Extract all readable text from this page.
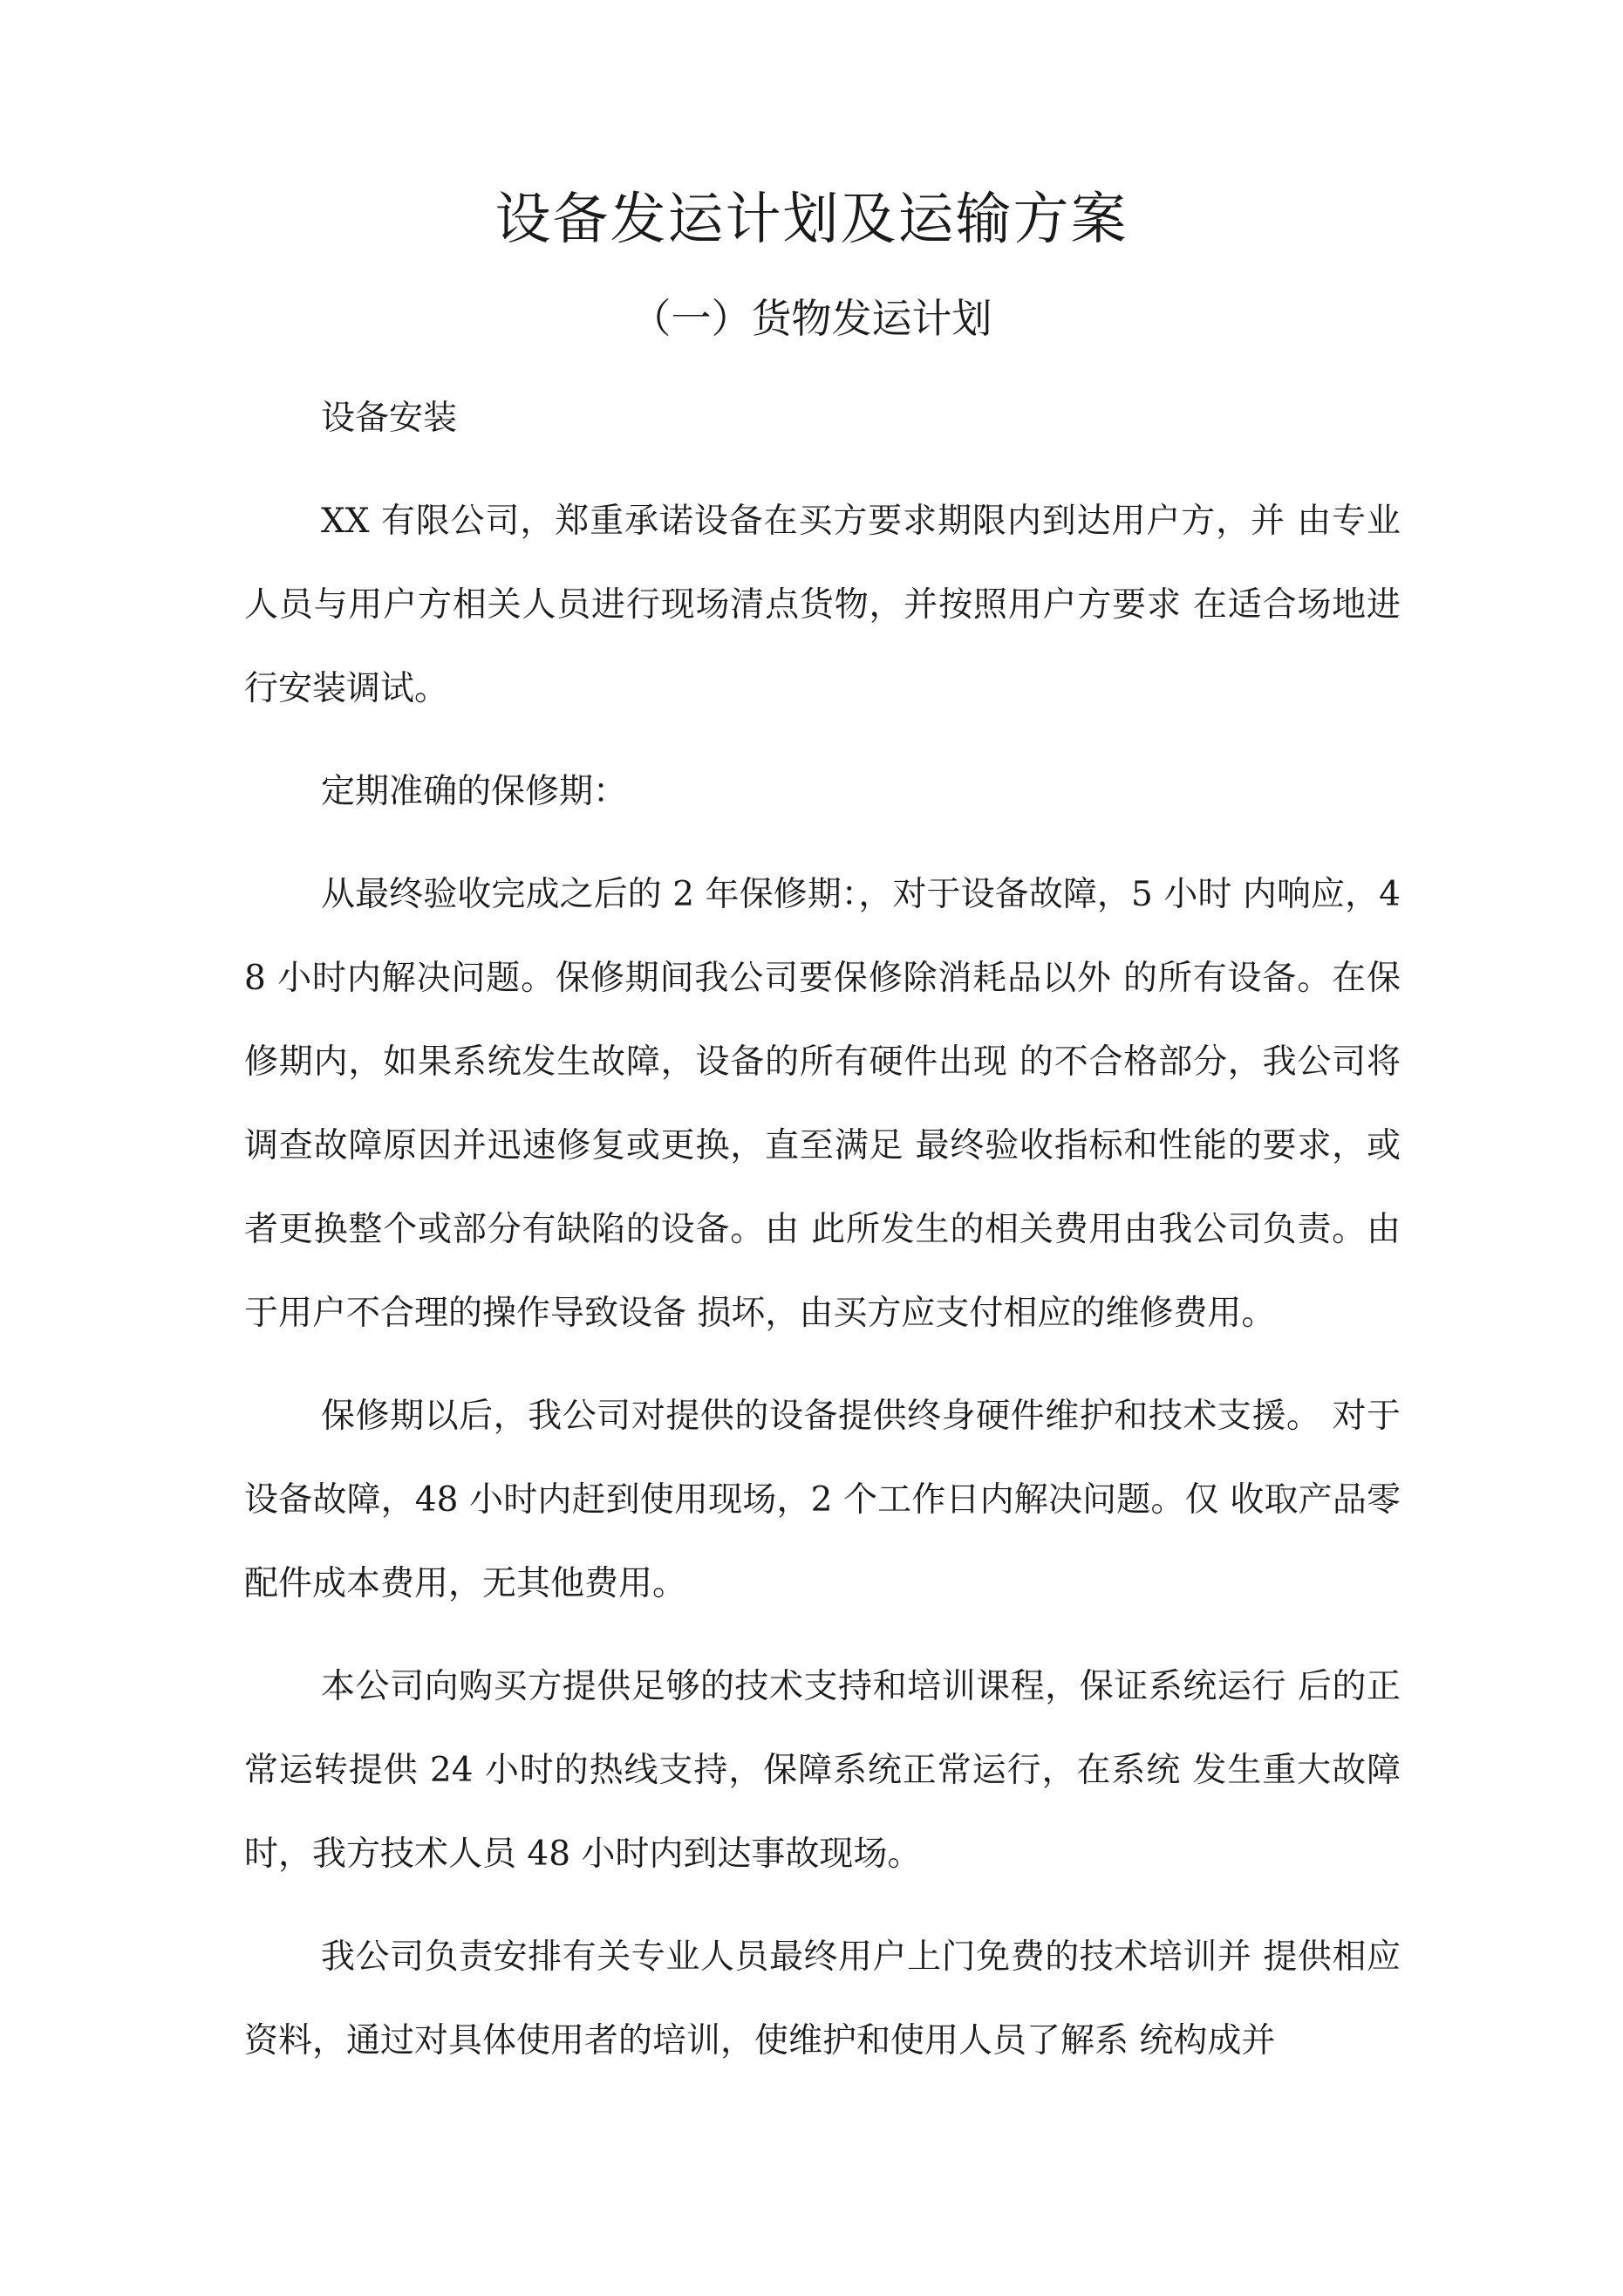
设备发运计划及运输方案
（一）货物发运计划

设备安装

XX 有限公司，郑重承诺设备在买方要求期限内到达用户方，并 由专业人员与用户方相关人员进行现场清点货物，并按照用户方要求 在适合场地进行安装调试。

定期准确的保修期：

从最终验收完成之后的 2 年保修期：，对于设备故障，5 小时 内响应，48 小时内解决问题。保修期间我公司要保修除消耗品以外 的所有设备。在保修期内，如果系统发生故障，设备的所有硬件出现 的不合格部分，我公司将调查故障原因并迅速修复或更换，直至满足 最终验收指标和性能的要求，或者更换整个或部分有缺陷的设备。由 此所发生的相关费用由我公司负责。由于用户不合理的操作导致设备 损坏，由买方应支付相应的维修费用。

保修期以后，我公司对提供的设备提供终身硬件维护和技术支援。 对于设备故障，48 小时内赶到使用现场，2 个工作日内解决问题。仅 收取产品零配件成本费用，无其他费用。

本公司向购买方提供足够的技术支持和培训课程，保证系统运行 后的正常运转提供 24 小时的热线支持，保障系统正常运行，在系统 发生重大故障时，我方技术人员 48 小时内到达事故现场。

我公司负责安排有关专业人员最终用户上门免费的技术培训并 提供相应资料，通过对具体使用者的培训，使维护和使用人员了解系 统构成并
